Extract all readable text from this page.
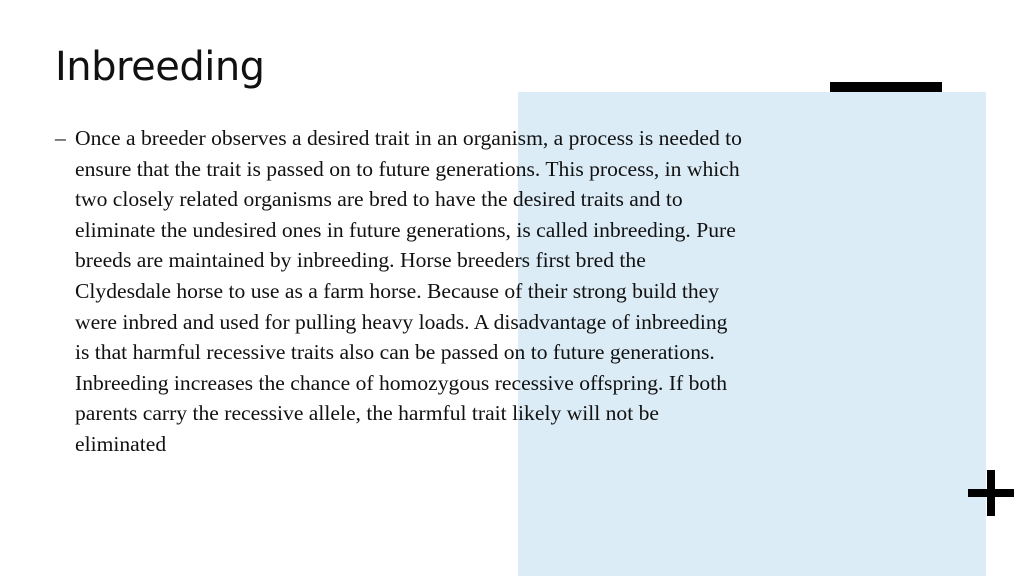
Inbreeding
– Once a breeder observes a desired trait in an organism, a process is needed to ensure that the trait is passed on to future generations. This process, in which two closely related organisms are bred to have the desired traits and to eliminate the undesired ones in future generations, is called inbreeding. Pure breeds are maintained by inbreeding. Horse breeders first bred the Clydesdale horse to use as a farm horse. Because of their strong build they were inbred and used for pulling heavy loads. A disadvantage of inbreeding is that harmful recessive traits also can be passed on to future generations. Inbreeding increases the chance of homozygous recessive offspring. If both parents carry the recessive allele, the harmful trait likely will not be eliminated
